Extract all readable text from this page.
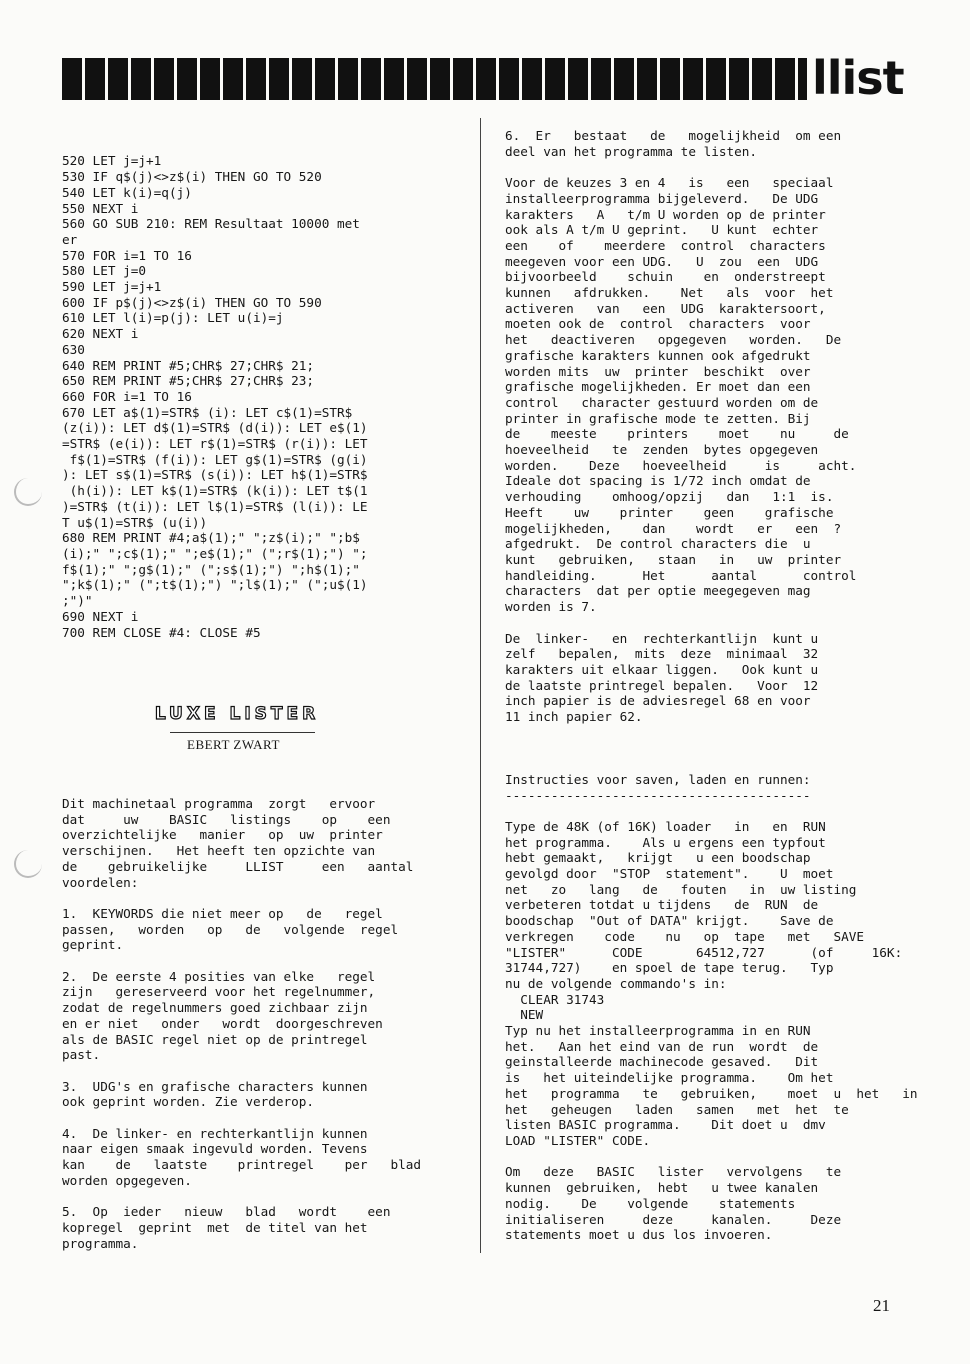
llist

520 LET j=j+1
530 IF q$(j)<>z$(i) THEN GO TO 520
540 LET k(i)=q(j)
550 NEXT i
560 GO SUB 210: REM Resultaat 10000 met
er
570 FOR i=1 TO 16
580 LET j=0
590 LET j=j+1
600 IF p$(j)<>z$(i) THEN GO TO 590
610 LET l(i)=p(j): LET u(i)=j
620 NEXT i
630
640 REM PRINT #5;CHR$ 27;CHR$ 21;
650 REM PRINT #5;CHR$ 27;CHR$ 23;
660 FOR i=1 TO 16
670 LET a$(1)=STR$ (i): LET c$(1)=STR$
(z(i)): LET d$(1)=STR$ (d(i)): LET e$(1)
=STR$ (e(i)): LET r$(1)=STR$ (r(i)): LET
f$(1)=STR$ (f(i)): LET g$(1)=STR$ (g(i)
): LET s$(1)=STR$ (s(i)): LET h$(1)=STR$
(h(i)): LET k$(1)=STR$ (k(i)): LET t$(1
)=STR$ (t(i)): LET l$(1)=STR$ (l(i)): LE
T u$(1)=STR$ (u(i))
680 REM PRINT #4;a$(1);" ";z$(i);" ";b$
(i);" ";c$(1);" ";e$(1);" (";r$(1);") ";
f$(1);" ";g$(1);" (";s$(1);") ";h$(1);"
";k$(1);" (";t$(1);") ";l$(1);" (";u$(1)
;")"
690 NEXT i
700 REM CLOSE #4: CLOSE #5

LUXE LISTER
EBERT ZWART
Dit machinetaal programma  zorgt   ervoor
dat     uw    BASIC   listings    op    een
overzichtelijke   manier   op  uw  printer
verschijnen.   Het heeft ten opzichte van
de    gebruikelijke     LLIST     een   aantal
voordelen:

1.  KEYWORDS die niet meer op   de   regel
passen,   worden   op   de   volgende  regel
geprint.

2.  De eerste 4 posities van elke   regel
zijn   gereserveerd voor het regelnummer,
zodat de regelnummers goed zichbaar zijn
en er niet   onder   wordt  doorgeschreven
als de BASIC regel niet op de printregel
past.

3.  UDG's en grafische characters kunnen
ook geprint worden. Zie verderop.

4.  De linker- en rechterkantlijn kunnen
naar eigen smaak ingevuld worden. Tevens
kan    de   laatste    printregel    per   blad
worden opgegeven.

5.  Op  ieder   nieuw   blad   wordt    een
kopregel  geprint  met  de titel van het
programma.
6.  Er   bestaat   de   mogelijkheid  om een
deel van het programma te listen.

Voor de keuzes 3 en 4   is   een   speciaal
installeerprogramma bijgeleverd.   De UDG
karakters   A   t/m U worden op de printer
ook als A t/m U geprint.   U kunt  echter
een    of    meerdere  control  characters
meegeven voor een UDG.   U  zou  een  UDG
bijvoorbeeld    schuin    en  onderstreept
kunnen   afdrukken.    Net   als  voor  het
activeren   van   een  UDG  karaktersoort,
moeten ook de  control  characters  voor
het   deactiveren   opgegeven   worden.   De
grafische karakters kunnen ook afgedrukt
worden mits  uw  printer  beschikt  over
grafische mogelijkheden. Er moet dan een
control   character gestuurd worden om de
printer in grafische mode te zetten. Bij
de    meeste    printers    moet    nu     de
hoeveelheid   te  zenden  bytes opgegeven
worden.    Deze   hoeveelheid     is     acht.
Ideale dot spacing is 1/72 inch omdat de
verhouding    omhoog/opzij   dan   1:1  is.
Heeft    uw    printer    geen    grafische
mogelijkheden,    dan    wordt   er   een  ?
afgedrukt.  De control characters die  u
kunt   gebruiken,   staan   in   uw  printer
handleiding.      Het      aantal      control
characters  dat per optie meegegeven mag
worden is 7.

De  linker-   en  rechterkantlijn  kunt u
zelf   bepalen,  mits  deze  minimaal  32
karakters uit elkaar liggen.   Ook kunt u
de laatste printregel bepalen.   Voor  12
inch papier is de adviesregel 68 en voor
11 inch papier 62.

Instructies voor saven, laden en runnen:
----------------------------------------

Type de 48K (of 16K) loader   in   en  RUN
het programma.    Als u ergens een typfout
hebt gemaakt,   krijgt   u een boodschap
gevolgd door  "STOP  statement".    U  moet
net   zo   lang   de   fouten   in  uw listing
verbeteren totdat u tijdens   de  RUN  de
boodschap  "Out of DATA" krijgt.    Save de
verkregen    code    nu   op  tape   met   SAVE
"LISTER"      CODE       64512,727      (of     16K:
31744,727)    en spoel de tape terug.   Typ
nu de volgende commando's in:
CLEAR 31743
NEW
Typ nu het installeerprogramma in en RUN
het.   Aan het eind van de run  wordt  de
geinstalleerde machinecode gesaved.   Dit
is   het uiteindelijke programma.    Om het
het   programma   te   gebruiken,    moet  u  het   in
het   geheugen   laden   samen   met  het  te
listen BASIC programma.    Dit doet u  dmv
LOAD "LISTER" CODE.

Om   deze   BASIC   lister   vervolgens   te
kunnen  gebruiken,  hebt   u twee kanalen
nodig.    De    volgende    statements
initialiseren     deze     kanalen.     Deze
statements moet u dus los invoeren.
21
